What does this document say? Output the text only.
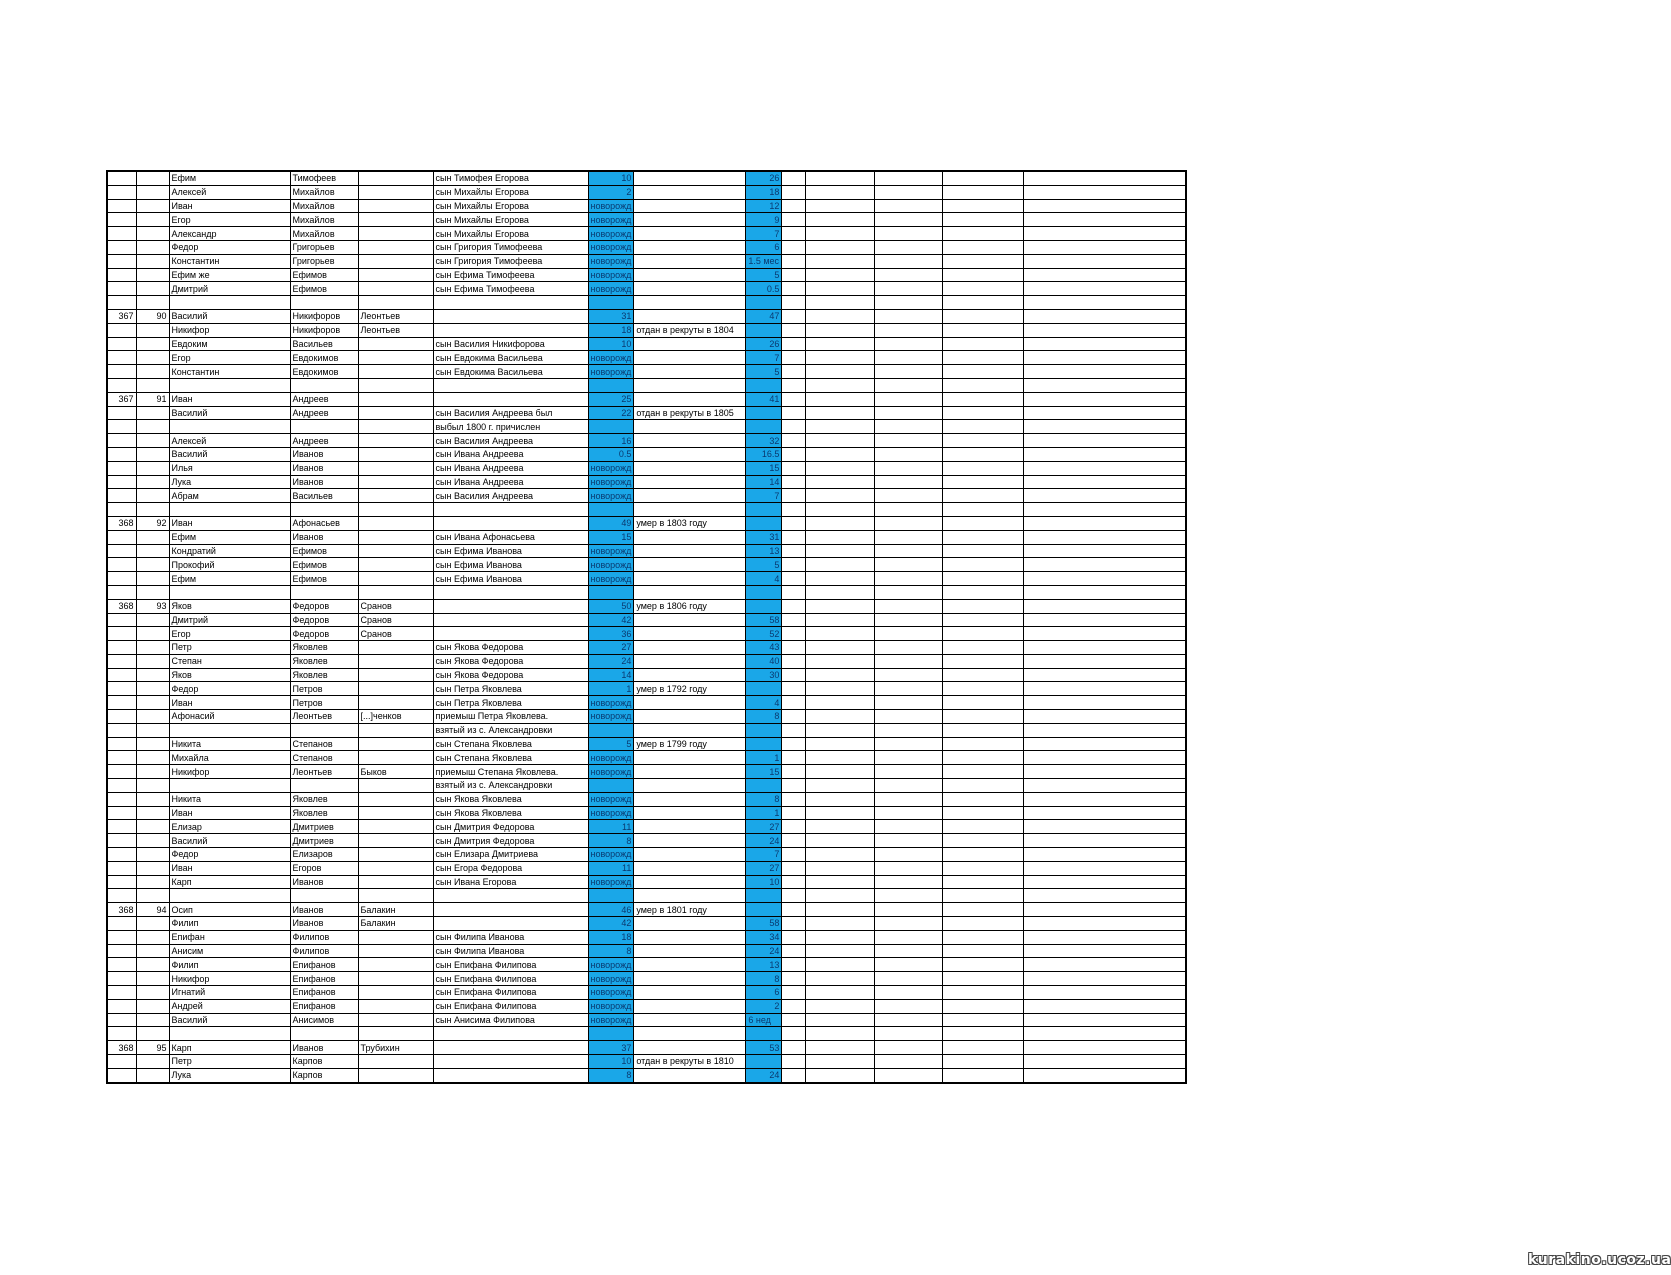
		Ефим	Тимофеев		сын Тимофея Егорова	10		26					
		Алексей	Михайлов		сын Михайлы Егорова	2		18					
		Иван	Михайлов		сын Михайлы Егорова	новорожд		12					
		Егор	Михайлов		сын Михайлы Егорова	новорожд		9					
		Александр	Михайлов		сын Михайлы Егорова	новорожд		7					
		Федор	Григорьев		сын Григория Тимофеева	новорожд		6					
		Константин	Григорьев		сын Григория Тимофеева	новорожд		1.5 мес					
		Ефим же	Ефимов		сын Ефима Тимофеева	новорожд		5					
		Дмитрий	Ефимов		сын Ефима Тимофеева	новорожд		0.5					

367	90	Василий	Никифоров	Леонтьев		31		47					
		Никифор	Никифоров	Леонтьев		18	отдан в рекруты в 1804						
		Евдоким	Васильев		сын Василия Никифорова	10		26					
		Егор	Евдокимов		сын Евдокима Васильева	новорожд		7					
		Константин	Евдокимов		сын Евдокима Васильева	новорожд		5					

367	91	Иван	Андреев			25		41					
		Василий	Андреев		сын Василия Андреева был	22	отдан в рекруты в 1805						
					выбыл 1800 г. причислен								
		Алексей	Андреев		сын Василия Андреева	16		32					
		Василий	Иванов		сын Ивана Андреева	0.5		16.5					
		Илья	Иванов		сын Ивана Андреева	новорожд		15					
		Лука	Иванов		сын Ивана Андреева	новорожд		14					
		Абрам	Васильев		сын Василия Андреева	новорожд		7					

368	92	Иван	Афонасьев			49	умер в 1803 году						
		Ефим	Иванов		сын Ивана Афонасьева	15		31					
		Кондратий	Ефимов		сын Ефима Иванова	новорожд		13					
		Прокофий	Ефимов		сын Ефима Иванова	новорожд		5					
		Ефим	Ефимов		сын Ефима Иванова	новорожд		4					

368	93	Яков	Федоров	Сранов		50	умер в 1806 году						
		Дмитрий	Федоров	Сранов		42		58					
		Егор	Федоров	Сранов		36		52					
		Петр	Яковлев		сын Якова Федорова	27		43					
		Степан	Яковлев		сын Якова Федорова	24		40					
		Яков	Яковлев		сын Якова Федорова	14		30					
		Федор	Петров		сын Петра Яковлева	1	умер в 1792 году						
		Иван	Петров		сын Петра Яковлева	новорожд		4					
		Афонасий	Леонтьев	[...]ченков	приемыш Петра Яковлева.	новорожд		8					
					взятый из с. Александровки								
		Никита	Степанов		сын Степана Яковлева	5	умер в 1799 году						
		Михайла	Степанов		сын Степана Яковлева	новорожд		1					
		Никифор	Леонтьев	Быков	приемыш Степана Яковлева.	новорожд		15					
					взятый из с. Александровки								
		Никита	Яковлев		сын Якова Яковлева	новорожд		8					
		Иван	Яковлев		сын Якова Яковлева	новорожд		1					
		Елизар	Дмитриев		сын Дмитрия Федорова	11		27					
		Василий	Дмитриев		сын Дмитрия Федорова	8		24					
		Федор	Елизаров		сын Елизара Дмитриева	новорожд		7					
		Иван	Егоров		сын Егора Федорова	11		27					
		Карп	Иванов		сын Ивана Егорова	новорожд		10					

368	94	Осип	Иванов	Балакин		46	умер в 1801 году						
		Филип	Иванов	Балакин		42		58					
		Епифан	Филипов		сын Филипа Иванова	18		34					
		Анисим	Филипов		сын Филипа Иванова	8		24					
		Филип	Епифанов		сын Епифана Филипова	новорожд		13					
		Никифор	Епифанов		сын Епифана Филипова	новорожд		8					
		Игнатий	Епифанов		сын Епифана Филипова	новорожд		6					
		Андрей	Епифанов		сын Епифана Филипова	новорожд		2					
		Василий	Анисимов		сын Анисима Филипова	новорожд		6 нед					

368	95	Карп	Иванов	Трубихин		37		53					
		Петр	Карпов			10	отдан в рекруты в 1810						
		Лука	Карпов			8		24					
kurakino.ucoz.ua
